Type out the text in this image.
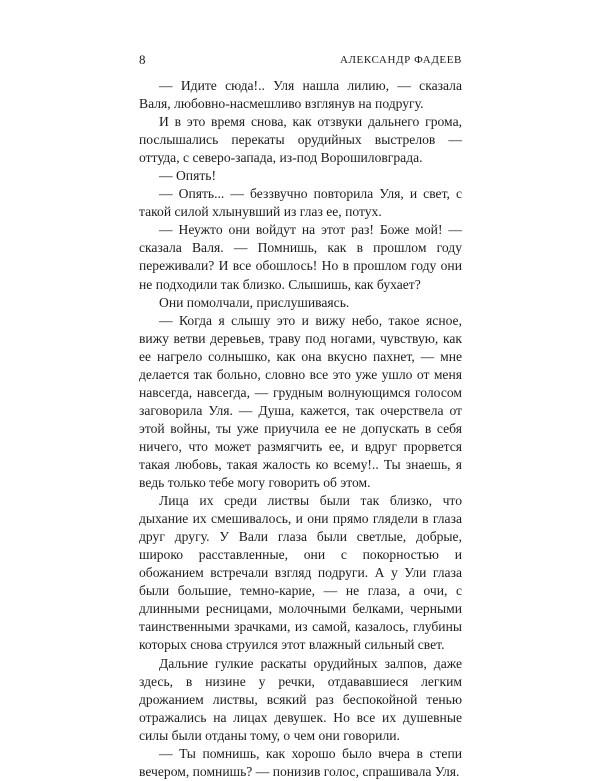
8	АЛЕКСАНДР ФАДЕЕВ

— Идите сюда!.. Уля нашла лилию, — сказала Валя, любовно-насмешливо взглянув на подругу.

И в это время снова, как отзвуки дальнего грома, послышались перекаты орудийных выстрелов — оттуда, с северо-запада, из-под Ворошиловграда.

— Опять!

— Опять... — беззвучно повторила Уля, и свет, с такой силой хлынувший из глаз ее, потух.

— Неужто они войдут на этот раз! Боже мой! — сказала Валя. — Помнишь, как в прошлом году переживали? И все обошлось! Но в прошлом году они не подходили так близко. Слышишь, как бухает?

Они помолчали, прислушиваясь.

— Когда я слышу это и вижу небо, такое ясное, вижу ветви деревьев, траву под ногами, чувствую, как ее нагрело солнышко, как она вкусно пахнет, — мне делается так больно, словно все это уже ушло от меня навсегда, навсегда, — грудным волнующимся голосом заговорила Уля. — Душа, кажется, так очерствела от этой войны, ты уже приучила ее не допускать в себя ничего, что может размягчить ее, и вдруг прорвется такая любовь, такая жалость ко всему!.. Ты знаешь, я ведь только тебе могу говорить об этом.

Лица их среди листвы были так близко, что дыхание их смешивалось, и они прямо глядели в глаза друг другу. У Вали глаза были светлые, добрые, широко расставленные, они с покорностью и обожанием встречали взгляд подруги. А у Ули глаза были большие, темно-карие, — не глаза, а очи, с длинными ресницами, молочными белками, черными таинственными зрачками, из самой, казалось, глубины которых снова струился этот влажный сильный свет.

Дальние гулкие раскаты орудийных залпов, даже здесь, в низине у речки, отдававшиеся легким дрожанием листвы, всякий раз беспокойной тенью отражались на лицах девушек. Но все их душевные силы были отданы тому, о чем они говорили.

— Ты помнишь, как хорошо было вчера в степи вечером, помнишь? — понизив голос, спрашивала Уля.
